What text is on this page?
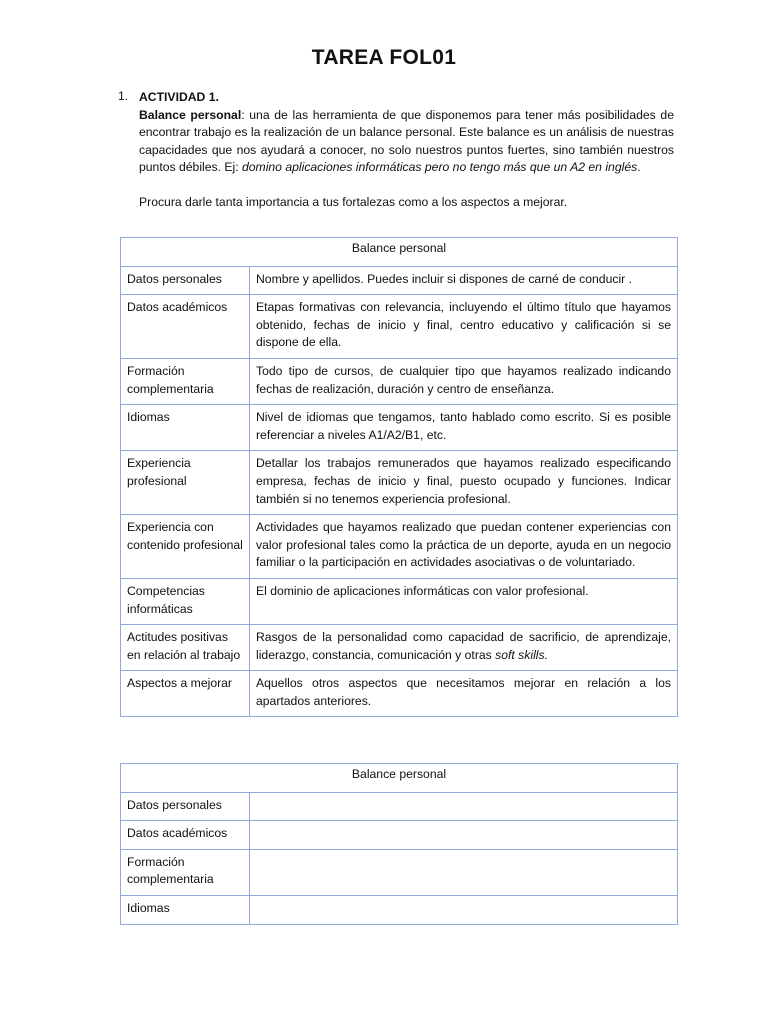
TAREA FOL01
1. ACTIVIDAD 1.
Balance personal: una de las herramienta de que disponemos para tener más posibilidades de encontrar trabajo es la realización de un balance personal. Este balance es un análisis de nuestras capacidades que nos ayudará a conocer, no solo nuestros puntos fuertes, sino también nuestros puntos débiles. Ej: domino aplicaciones informáticas pero no tengo más que un A2 en inglés.
Procura darle tanta importancia a tus fortalezas como a los aspectos a mejorar.
Balance personal	
Datos personales	Nombre y apellidos. Puedes incluir si dispones de carné de conducir .
Datos académicos	Etapas formativas con relevancia, incluyendo el último título que hayamos obtenido, fechas de inicio y final, centro educativo y calificación si se dispone de ella.
Formación complementaria	Todo tipo de cursos, de cualquier tipo que hayamos realizado indicando fechas de realización, duración y centro de enseñanza.
Idiomas	Nivel de idiomas que tengamos, tanto hablado como escrito. Si es posible referenciar a niveles A1/A2/B1, etc.
Experiencia profesional	Detallar los trabajos remunerados que hayamos realizado especificando empresa, fechas de inicio y final, puesto ocupado y funciones. Indicar también si no tenemos experiencia profesional.
Experiencia con contenido profesional	Actividades que hayamos realizado que puedan contener experiencias con valor profesional tales como la práctica de un deporte, ayuda en un negocio familiar o la participación en actividades asociativas o de voluntariado.
Competencias informáticas	El dominio de aplicaciones informáticas con valor profesional.
Actitudes positivas en relación al trabajo	Rasgos de la personalidad como capacidad de sacrificio, de aprendizaje, liderazgo, constancia, comunicación y otras soft skills.
Aspectos a mejorar	Aquellos otros aspectos que necesitamos mejorar en relación a los apartados anteriores.
Balance personal	
Datos personales	
Datos académicos	
Formación complementaria	
Idiomas	
